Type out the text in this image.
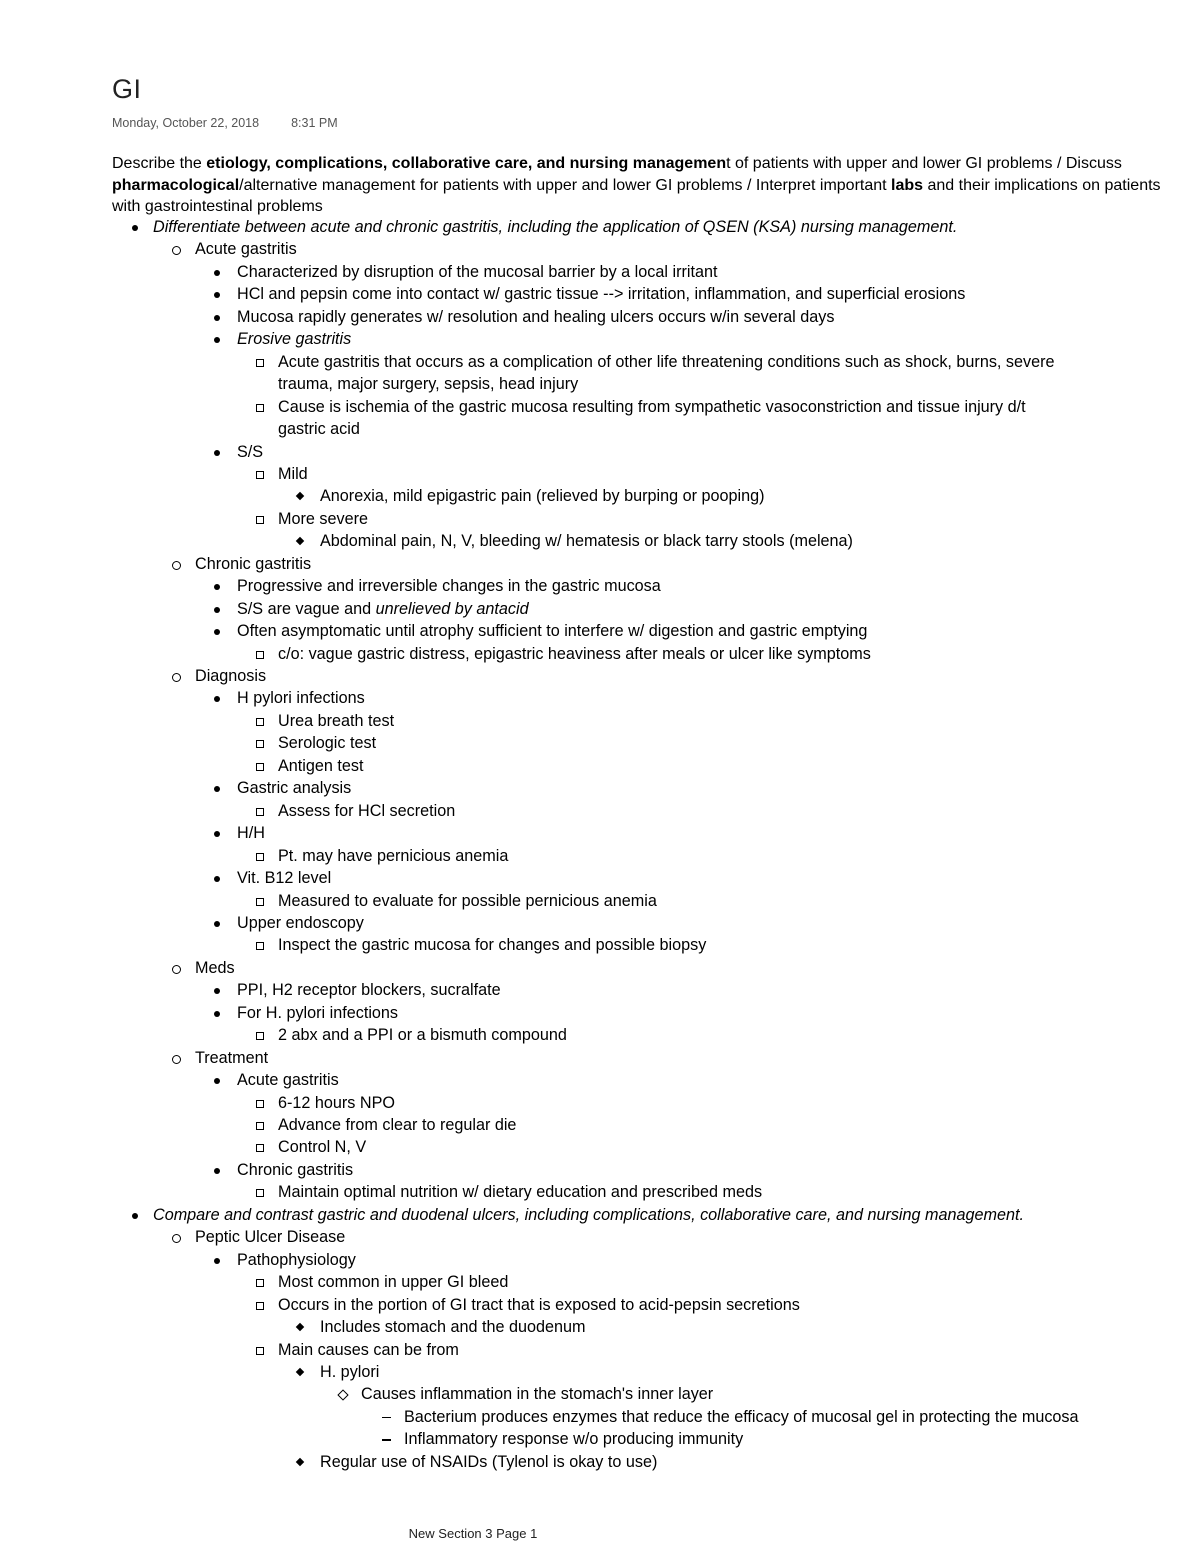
GI
Monday, October 22, 2018	8:31 PM
Describe the etiology, complications, collaborative care, and nursing management of patients with upper and lower GI problems / Discuss pharmacological/alternative management for patients with upper and lower GI problems / Interpret important labs and their implications on patients with gastrointestinal problems
Differentiate between acute and chronic gastritis, including the application of QSEN (KSA) nursing management.
Acute gastritis
Characterized by disruption of the mucosal barrier by a local irritant
HCl and pepsin come into contact w/ gastric tissue --> irritation, inflammation, and superficial erosions
Mucosa rapidly generates w/ resolution and healing ulcers occurs w/in several days
Erosive gastritis
Acute gastritis that occurs as a complication of other life threatening conditions such as shock, burns, severe
trauma, major surgery, sepsis, head injury
Cause is ischemia of the gastric mucosa resulting from sympathetic vasoconstriction and tissue injury d/t
gastric acid
S/S
Mild
Anorexia, mild epigastric pain (relieved by burping or pooping)
More severe
Abdominal pain, N, V, bleeding w/ hematesis or black tarry stools (melena)
Chronic gastritis
Progressive and irreversible changes in the gastric mucosa
S/S are vague and unrelieved by antacid
Often asymptomatic until atrophy sufficient to interfere w/ digestion and gastric emptying
c/o: vague gastric distress, epigastric heaviness after meals or ulcer like symptoms
Diagnosis
H pylori infections
Urea breath test
Serologic test
Antigen test
Gastric analysis
Assess for HCl secretion
H/H
Pt. may have pernicious anemia
Vit. B12 level
Measured to evaluate for possible pernicious anemia
Upper endoscopy
Inspect the gastric mucosa for changes and possible biopsy
Meds
PPI, H2 receptor blockers, sucralfate
For H. pylori infections
2 abx and a PPI or a bismuth compound
Treatment
Acute gastritis
6-12 hours NPO
Advance from clear to regular die
Control N, V
Chronic gastritis
Maintain optimal nutrition w/ dietary education and prescribed meds
Compare and contrast gastric and duodenal ulcers, including complications, collaborative care, and nursing management.
Peptic Ulcer Disease
Pathophysiology
Most common in upper GI bleed
Occurs in the portion of GI tract that is exposed to acid-pepsin secretions
Includes stomach and the duodenum
Main causes can be from
H. pylori
Causes inflammation in the stomach's inner layer
Bacterium produces enzymes that reduce the efficacy of mucosal gel in protecting the mucosa
Inflammatory response w/o producing immunity
Regular use of NSAIDs (Tylenol is okay to use)
New Section 3 Page 1
